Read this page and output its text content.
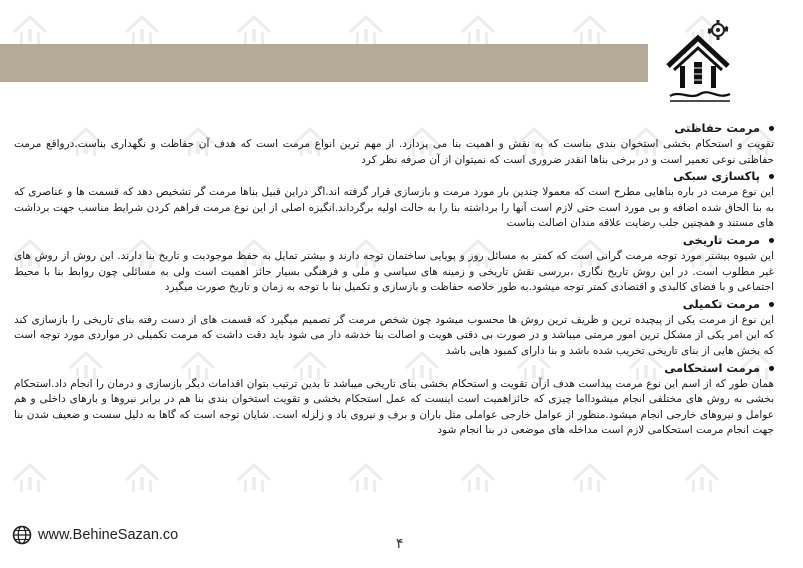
مرمت حفاظتی

تقویت و استحکام بخشی استخوان بندی بناست که به نقش و اهمیت بنا می پردازد. از مهم ترین انواع مرمت است که هدف آن حفاظت و نگهداری بناست.درواقع مرمت حفاظتی نوعی تعمیر است و در برخی بناها انقدر ضروری است که نمیتوان از آن صرفه نظر کرد

پاکسازی سبکی

این نوع مرمت در باره بناهایی مطرح است که معمولا چندین بار مورد مرمت و بازسازی قرار گرفته اند.اگر دراین قبیل بناها مرمت گر تشخیص دهد که قسمت ها و عناصری که به بنا الحاق شده اضافه و بی مورد است حتی لازم است آنها را برداشته بنا را به حالت اولیه برگرداند.انگیزه اصلی از این نوع مرمت فراهم کردن شرایط مناسب جهت برداشت های مستند و همچنین جلب رضایت علاقه مندان اصالت بناست

مرمت تاریخی

این شیوه بیشتر مورد توجه مرمت گرانی است که کمتر به مسائل روز و پویایی ساختمان توجه دارند و بیشتر تمایل به حفظ موجودیت و تاریخ بنا دارند. این روش از روش های غیر مطلوب است. در این روش تاریخ نگاری ،بررسی نقش تاریخی و زمینه های سیاسی و ملی و فرهنگی بسیار حائز اهمیت است ولی به مسائلی چون روابط بنا با محیط اجتماعی و با فضای کالبدی و اقتصادی کمتر توجه میشود.به طور خلاصه حفاظت و بازسازی و تکمیل بنا با توجه به زمان و تاریخ صورت میگیرد

مرمت تکمیلی

این نوع از مرمت یکی از پیچیده ترین و ظریف ترین روش ها محسوب میشود چون شخص مرمت گر تصمیم میگیرد که قسمت های از دست رفته بنای تاریخی را بازسازی کند که این امر یکی از مشکل ترین امور مرمتی میباشد و در صورت بی دقتی هویت و اصالت بنا خدشه دار می شود باید دقت داشت که مرمت تکمیلی در مواردی مورد توجه است که بخش هایی از بنای تاریخی تخریب شده باشد و بنا دارای کمبود هایی باشد

مرمت استحکامی

همان طور که از اسم این نوع مرمت پیداست هدف ازآن تقویت و استحکام بخشی بنای تاریخی میباشد تا بدین ترتیب بتوان اقدامات دیگر بازسازی و درمان را انجام داد.استحکام بخشی به روش های مختلفی انجام میشودااما چیزی که حائزاهمیت است اینست که عمل استحکام بخشی و تقویت استخوان بندی بنا هم در برابر نیروها و بارهای داخلی و هم عوامل و نیروهای خارجی انجام میشود.منظور از عوامل خارجی عواملی مثل باران و برف و نیروی باد و زلزله است. شایان توجه است که گاها به دلیل سست و ضعیف شدن بنا جهت انجام مرمت استحکامی لازم است مداخله های موضعی در بنا انجام شود

www.BehineSazan.co
۴
